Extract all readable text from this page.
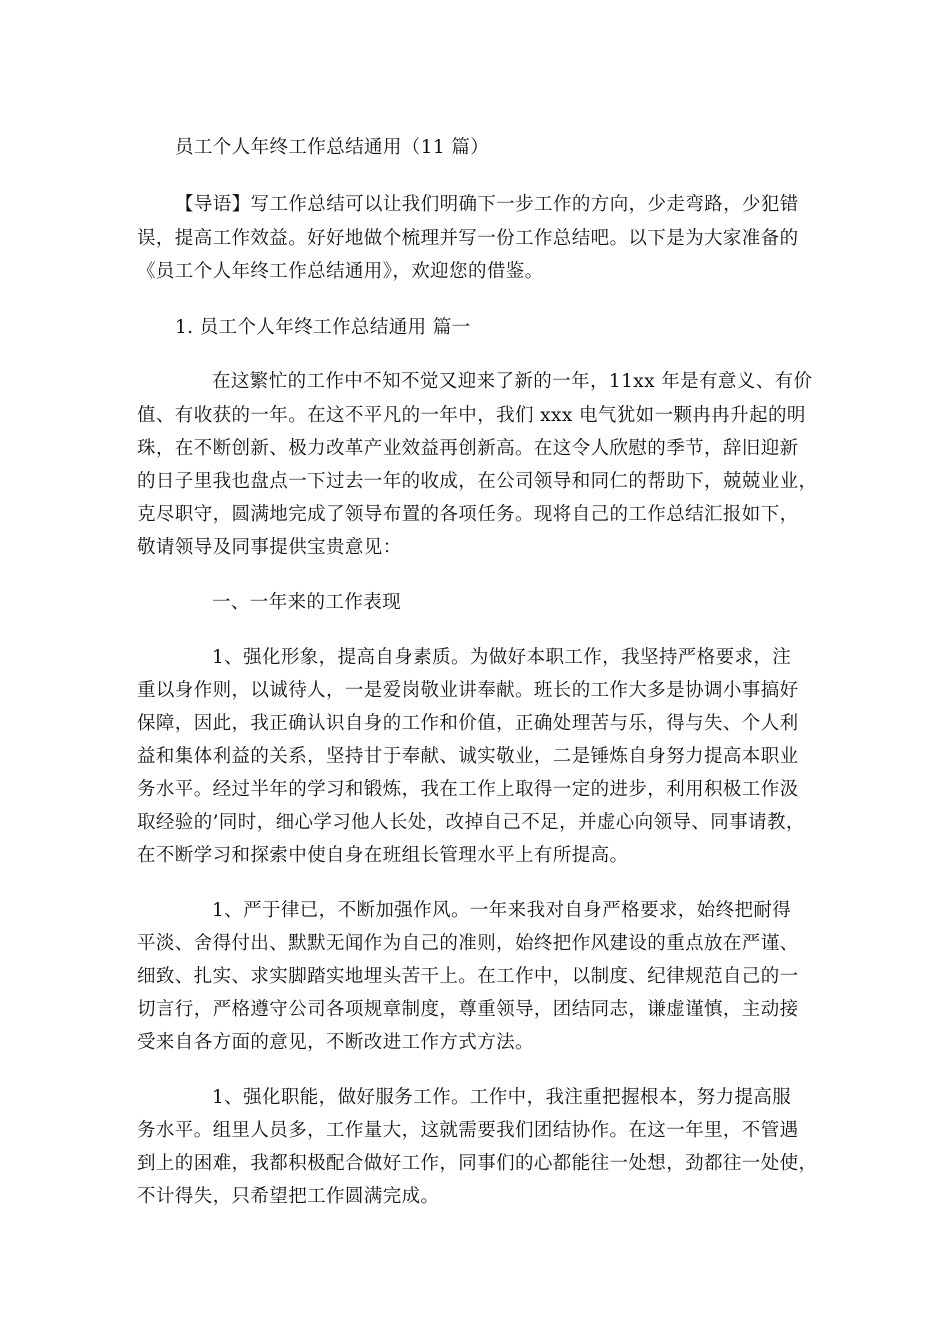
员工个人年终工作总结通用（11 篇）

【导语】写工作总结可以让我们明确下一步工作的方向，少走弯路，少犯错

误，提高工作效益。好好地做个梳理并写一份工作总结吧。以下是为大家准备的

《员工个人年终工作总结通用》，欢迎您的借鉴。

1. 员工个人年终工作总结通用 篇一

在这繁忙的工作中不知不觉又迎来了新的一年，11xx 年是有意义、有价

值、有收获的一年。在这不平凡的一年中，我们 xxx 电气犹如一颗冉冉升起的明

珠，在不断创新、极力改革产业效益再创新高。在这令人欣慰的季节，辞旧迎新

的日子里我也盘点一下过去一年的收成，在公司领导和同仁的帮助下，兢兢业业，

克尽职守，圆满地完成了领导布置的各项任务。现将自己的工作总结汇报如下，

敬请领导及同事提供宝贵意见：

一、一年来的工作表现

1、强化形象，提高自身素质。为做好本职工作，我坚持严格要求，注

重以身作则，以诚待人，一是爱岗敬业讲奉献。班长的工作大多是协调小事搞好

保障，因此，我正确认识自身的工作和价值，正确处理苦与乐，得与失、个人利

益和集体利益的关系，坚持甘于奉献、诚实敬业，二是锤炼自身努力提高本职业

务水平。经过半年的学习和锻炼，我在工作上取得一定的进步，利用积极工作汲

取经验的’同时，细心学习他人长处，改掉自己不足，并虚心向领导、同事请教，

在不断学习和探索中使自身在班组长管理水平上有所提高。

1、严于律已，不断加强作风。一年来我对自身严格要求，始终把耐得

平淡、舍得付出、默默无闻作为自己的准则，始终把作风建设的重点放在严谨、

细致、扎实、求实脚踏实地埋头苦干上。在工作中，以制度、纪律规范自己的一

切言行，严格遵守公司各项规章制度，尊重领导，团结同志，谦虚谨慎，主动接

受来自各方面的意见，不断改进工作方式方法。

1、强化职能，做好服务工作。工作中，我注重把握根本，努力提高服

务水平。组里人员多，工作量大，这就需要我们团结协作。在这一年里，不管遇

到上的困难，我都积极配合做好工作，同事们的心都能往一处想，劲都往一处使，

不计得失，只希望把工作圆满完成。
